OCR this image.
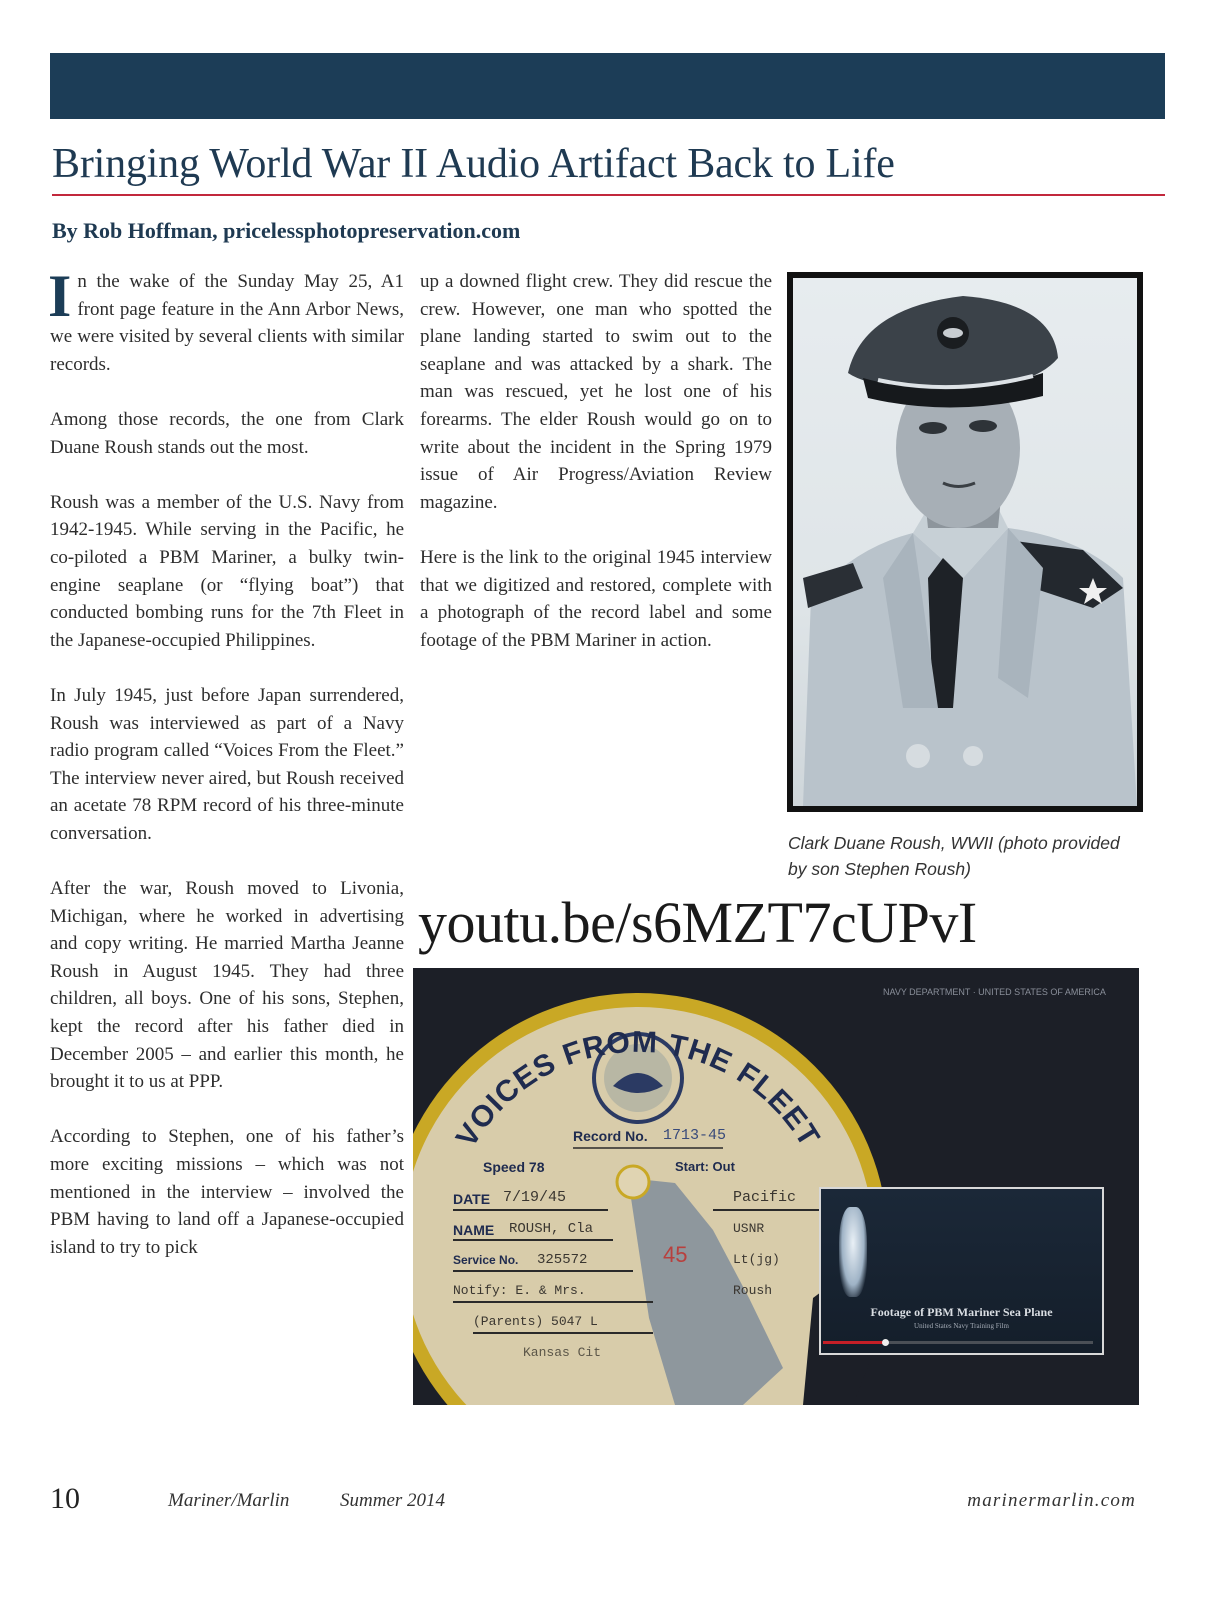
Bringing World War II Audio Artifact Back to Life
By Rob Hoffman, pricelessphotopreservation.com

In the wake of the Sunday May 25, A1 front page feature in the Ann Arbor News, we were visited by several clients with similar records.

Among those records, the one from Clark Duane Roush stands out the most.

Roush was a member of the U.S. Navy from 1942-1945. While serving in the Pacific, he co-piloted a PBM Mariner, a bulky twin-engine seaplane (or “flying boat”) that conducted bombing runs for the 7th Fleet in the Japanese-occupied Philippines.

In July 1945, just before Japan surrendered, Roush was interviewed as part of a Navy radio program called “Voices From the Fleet.” The interview never aired, but Roush received an acetate 78 RPM record of his three-minute conversation.

After the war, Roush moved to Livonia, Michigan, where he worked in advertising and copy writing. He married Martha Jeanne Roush in August 1945. They had three children, all boys. One of his sons, Stephen, kept the record after his father died in December 2005 – and earlier this month, he brought it to us at PPP.

According to Stephen, one of his father’s more exciting missions – which was not mentioned in the interview – involved the PBM having to land off a Japanese-occupied island to try to pick

up a downed flight crew. They did rescue the crew. However, one man who spotted the plane landing started to swim out to the seaplane and was attacked by a shark. The man was rescued, yet he lost one of his forearms. The elder Roush would go on to write about the incident in the Spring 1979 issue of Air Progress/Aviation Review magazine.

Here is the link to the original 1945 interview that we digitized and restored, complete with a photograph of the record label and some footage of the PBM Mariner in action.

Clark Duane Roush, WWII (photo provided by son Stephen Roush)
youtu.be/s6MZT7cUPvI
VOICES FROM THE FLEET
Record No. 1713-45
Speed 78	Start: Out
DATE 7/19/45	Pacific
NAME ROUSH, Cla	USNR
Service No. 325572	45	Lt(jg)
Notify: E. & Mrs.	Roush
(Parents) 5047 L
Kansas Cit
NAVY DEPARTMENT · UNITED STATES OF AMERICA
Footage of PBM Mariner Sea Plane
United States Navy Training Film
10	Mariner/Marlin	Summer 2014	marinermarlin.com
